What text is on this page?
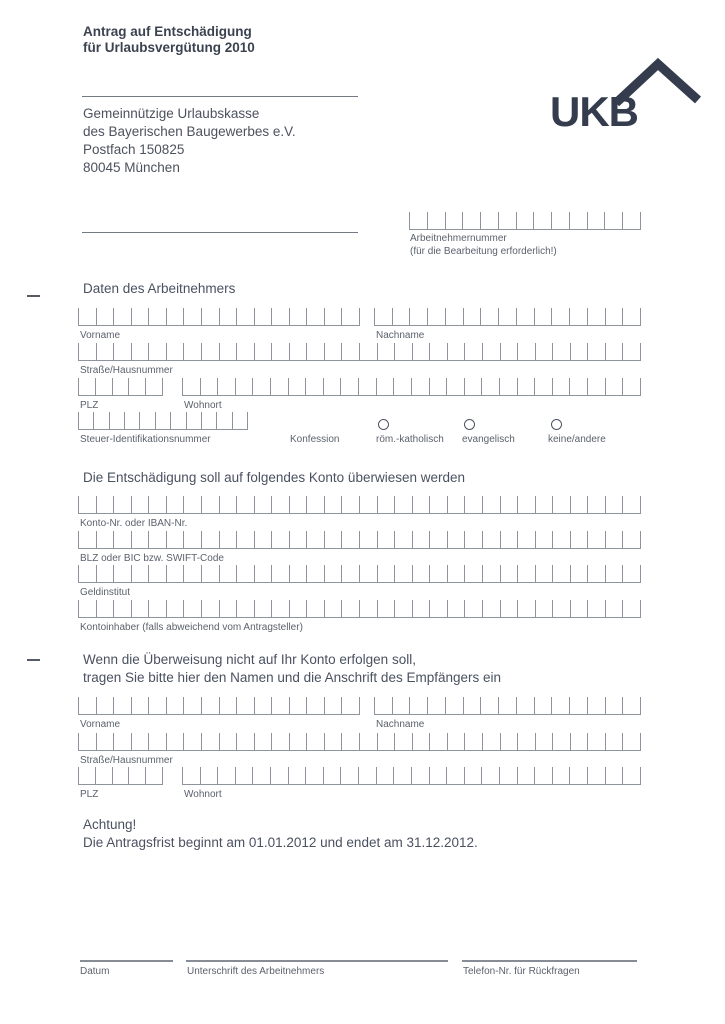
Antrag auf Entschädigung
für Urlaubsvergütung 2010
UKB
Gemeinnützige Urlaubskasse
des Bayerischen Baugewerbes e.V.
Postfach 150825
80045 München
Arbeitnehmernummer
(für die Bearbeitung erforderlich!)
Daten des Arbeitnehmers
Vorname	Nachname
Straße/Hausnummer
PLZ	Wohnort
Steuer-Identifikationsnummer	Konfession	röm.-katholisch evangelisch	keine/andere
Die Entschädigung soll auf folgendes Konto überwiesen werden
Konto-Nr. oder IBAN-Nr.
BLZ oder BIC bzw. SWIFT-Code
Geldinstitut
Kontoinhaber (falls abweichend vom Antragsteller)
Wenn die Überweisung nicht auf Ihr Konto erfolgen soll,
tragen Sie bitte hier den Namen und die Anschrift des Empfängers ein
Vorname	Nachname
Straße/Hausnummer
PLZ	Wohnort
Achtung!
Die Antragsfrist beginnt am 01.01.2012 und endet am 31.12.2012.
Datum	Unterschrift des Arbeitnehmers	Telefon-Nr. für Rückfragen
